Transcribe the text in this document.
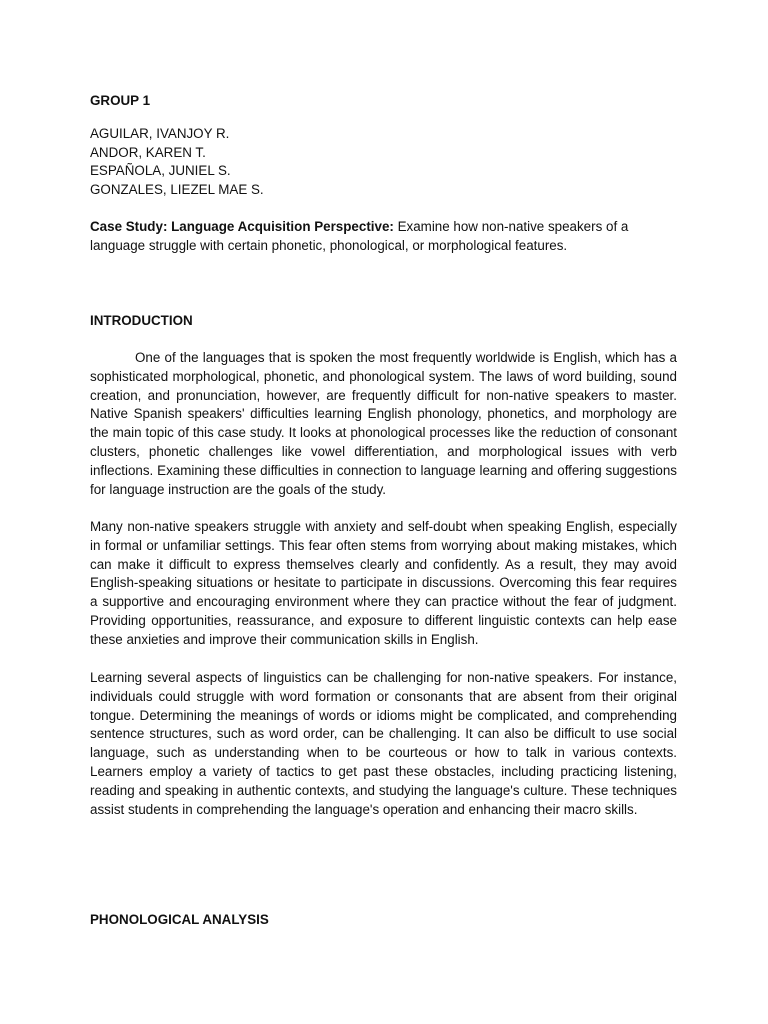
GROUP 1
AGUILAR, IVANJOY R.
ANDOR, KAREN T.
ESPAÑOLA, JUNIEL S.
GONZALES, LIEZEL MAE S.
Case Study: Language Acquisition Perspective: Examine how non-native speakers of a language struggle with certain phonetic, phonological, or morphological features.
INTRODUCTION

One of the languages that is spoken the most frequently worldwide is English, which has a sophisticated morphological, phonetic, and phonological system. The laws of word building, sound creation, and pronunciation, however, are frequently difficult for non-native speakers to master. Native Spanish speakers' difficulties learning English phonology, phonetics, and morphology are the main topic of this case study. It looks at phonological processes like the reduction of consonant clusters, phonetic challenges like vowel differentiation, and morphological issues with verb inflections. Examining these difficulties in connection to language learning and offering suggestions for language instruction are the goals of the study.

Many non-native speakers struggle with anxiety and self-doubt when speaking English, especially in formal or unfamiliar settings. This fear often stems from worrying about making mistakes, which can make it difficult to express themselves clearly and confidently. As a result, they may avoid English-speaking situations or hesitate to participate in discussions. Overcoming this fear requires a supportive and encouraging environment where they can practice without the fear of judgment. Providing opportunities, reassurance, and exposure to different linguistic contexts can help ease these anxieties and improve their communication skills in English.

Learning several aspects of linguistics can be challenging for non-native speakers. For instance, individuals could struggle with word formation or consonants that are absent from their original tongue. Determining the meanings of words or idioms might be complicated, and comprehending sentence structures, such as word order, can be challenging. It can also be difficult to use social language, such as understanding when to be courteous or how to talk in various contexts. Learners employ a variety of tactics to get past these obstacles, including practicing listening, reading and speaking in authentic contexts, and studying the language's culture. These techniques assist students in comprehending the language's operation and enhancing their macro skills.

PHONOLOGICAL ANALYSIS
